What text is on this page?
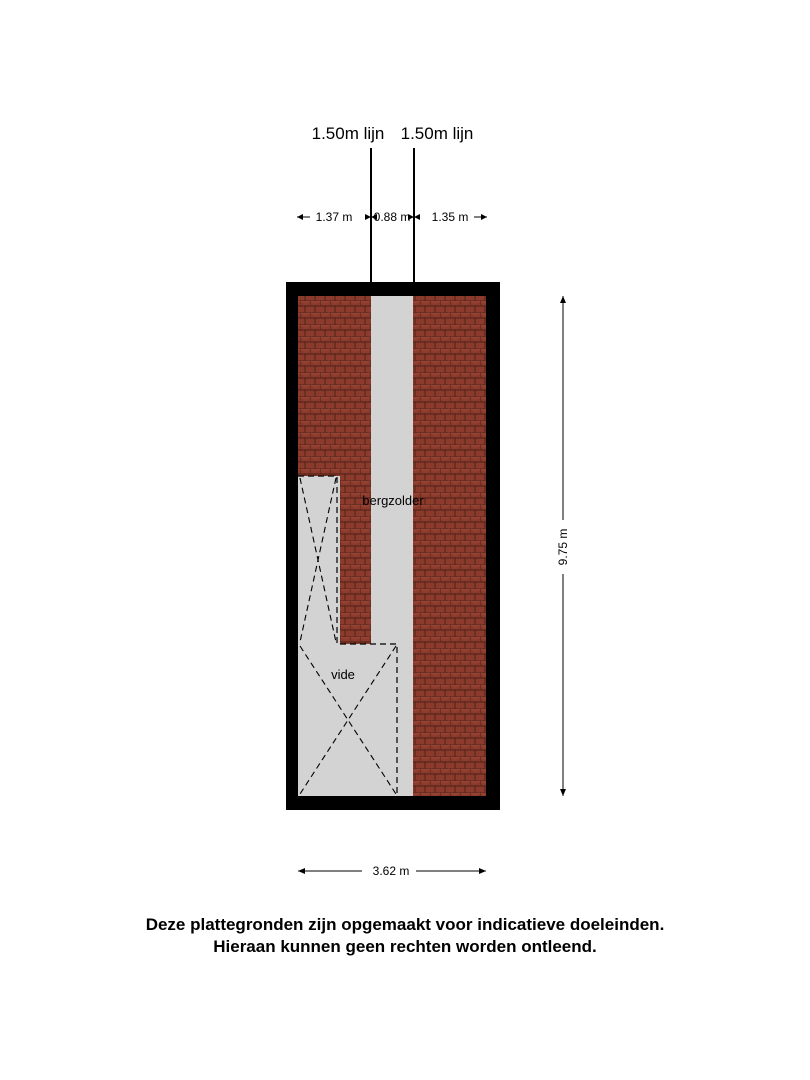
1.50m lijn 1.50m lijn
1.37 m 0.88 m 1.35 m
9.75 m
3.62 m
bergzolder
vide
Deze plattegronden zijn opgemaakt voor indicatieve doeleinden.
Hieraan kunnen geen rechten worden ontleend.
